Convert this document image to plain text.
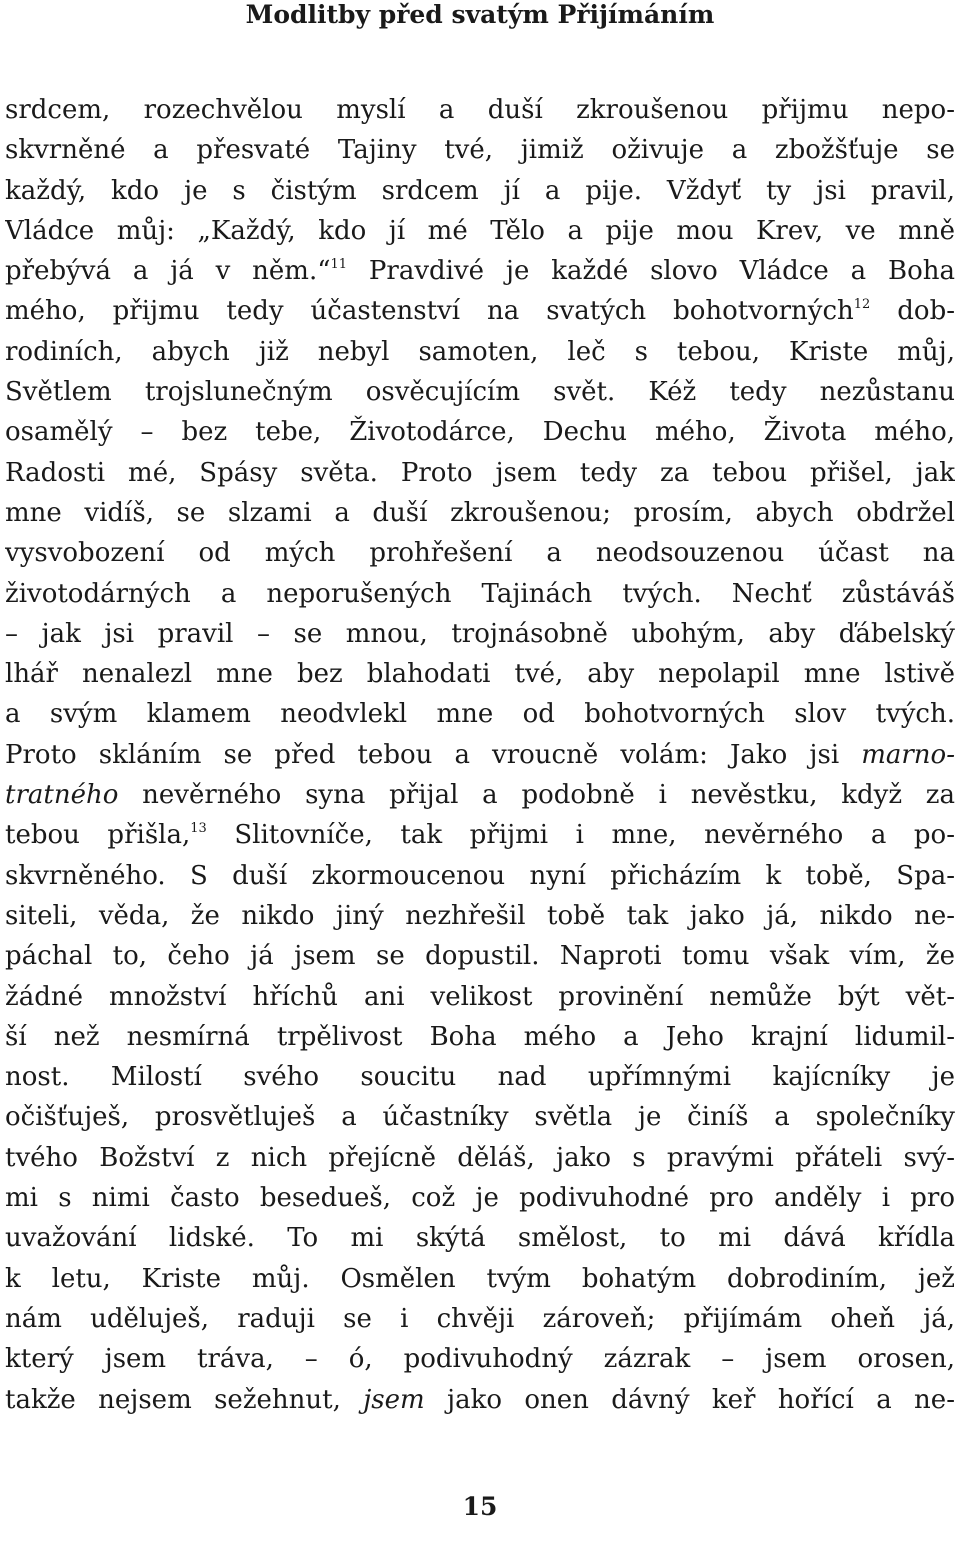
Modlitby před svatým Přijímáním
srdcem, rozechvělou myslí a duší zkroušenou přijmu nepo-
skvrněné a přesvaté Tajiny tvé, jimiž oživuje a zbožšťuje se
každý, kdo je s čistým srdcem jí a pije. Vždyť ty jsi pravil,
Vládce můj: „Každý, kdo jí mé Tělo a pije mou Krev, ve mně
přebývá a já v něm.“$^{11}$ Pravdivé je každé slovo Vládce a Boha
mého, přijmu tedy účastenství na svatých bohotvorných$^{12}$ dob-
rodiních, abych již nebyl samoten, leč s tebou, Kriste můj,
Světlem trojslunečným osvěcujícím svět. Kéž tedy nezůstanu
osamělý – bez tebe, Životodárce, Dechu mého, Života mého,
Radosti mé, Spásy světa. Proto jsem tedy za tebou přišel, jak
mne vidíš, se slzami a duší zkroušenou; prosím, abych obdržel
vysvobození od mých prohřešení a neodsouzenou účast na
životodárných a neporušených Tajinách tvých. Nechť zůstáváš
– jak jsi pravil – se mnou, trojnásobně ubohým, aby ďábelský
lhář nenalezl mne bez blahodati tvé, aby nepolapil mne lstivě
a svým klamem neodvlekl mne od bohotvorných slov tvých.
Proto skláním se před tebou a vroucně volám: Jako jsi marno-
tratného nevěrného syna přijal a podobně i nevěstku, když za
tebou přišla,$^{13}$ Slitovníče, tak přijmi i mne, nevěrného a po-
skvrněného. S duší zkormoucenou nyní přicházím k tobě, Spa-
siteli, věda, že nikdo jiný nezhřešil tobě tak jako já, nikdo ne-
páchal to, čeho já jsem se dopustil. Naproti tomu však vím, že
žádné množství hříchů ani velikost provinění nemůže být vět-
ší než nesmírná trpělivost Boha mého a Jeho krajní lidumil-
nost. Milostí svého soucitu nad upřímnými kajícníky je
očišťuješ, prosvětluješ a účastníky světla je činíš a společníky
tvého Božství z nich přejícně děláš, jako s pravými přáteli svý-
mi s nimi často besedueš, což je podivuhodné pro anděly i pro
uvažování lidské. To mi skýtá smělost, to mi dává křídla
k letu, Kriste můj. Osmělen tvým bohatým dobrodiním, jež
nám uděluješ, raduji se i chvěji zároveň; přijímám oheň já,
který jsem tráva, – ó, podivuhodný zázrak – jsem orosen,
takže nejsem sežehnut, jsem jako onen dávný keř hořící a ne-
15
